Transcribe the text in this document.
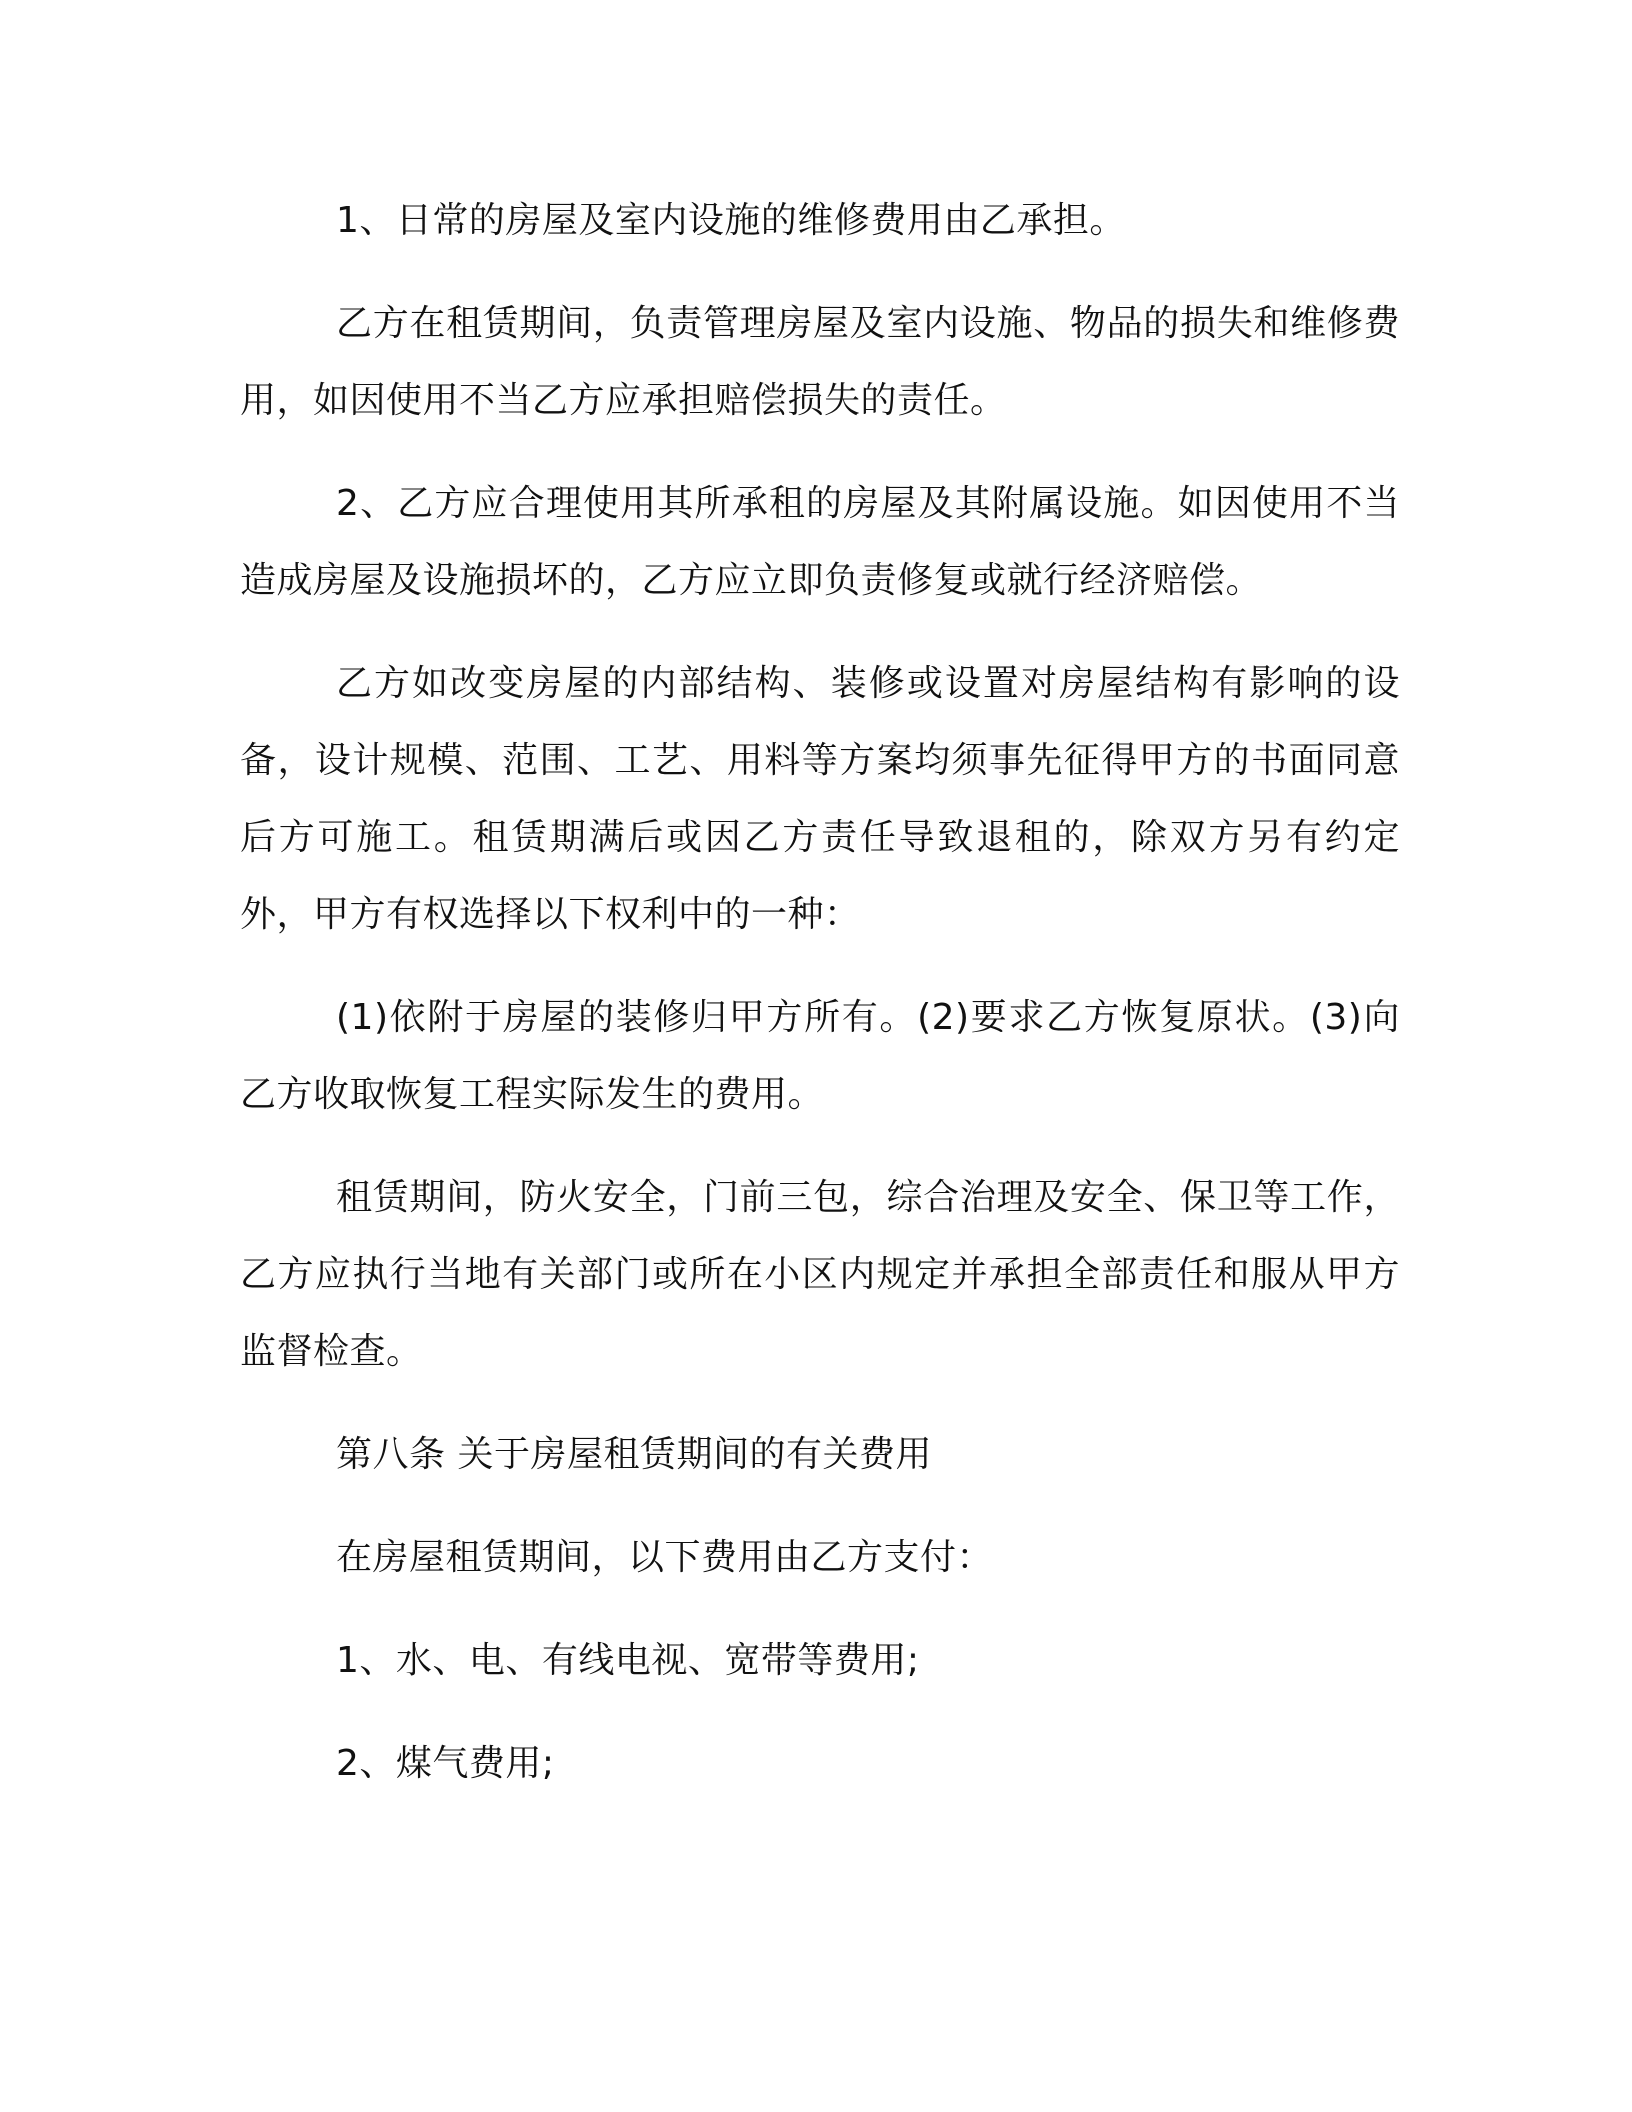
1、日常的房屋及室内设施的维修费用由乙承担。

乙方在租赁期间，负责管理房屋及室内设施、物品的损失和维修费用，如因使用不当乙方应承担赔偿损失的责任。

2、乙方应合理使用其所承租的房屋及其附属设施。如因使用不当造成房屋及设施损坏的，乙方应立即负责修复或就行经济赔偿。

乙方如改变房屋的内部结构、装修或设置对房屋结构有影响的设备，设计规模、范围、工艺、用料等方案均须事先征得甲方的书面同意后方可施工。租赁期满后或因乙方责任导致退租的，除双方另有约定外，甲方有权选择以下权利中的一种：

(1)依附于房屋的装修归甲方所有。(2)要求乙方恢复原状。(3)向乙方收取恢复工程实际发生的费用。

租赁期间，防火安全，门前三包，综合治理及安全、保卫等工作，乙方应执行当地有关部门或所在小区内规定并承担全部责任和服从甲方监督检查。

第八条 关于房屋租赁期间的有关费用

在房屋租赁期间，以下费用由乙方支付：

1、水、电、有线电视、宽带等费用;

2、煤气费用;
